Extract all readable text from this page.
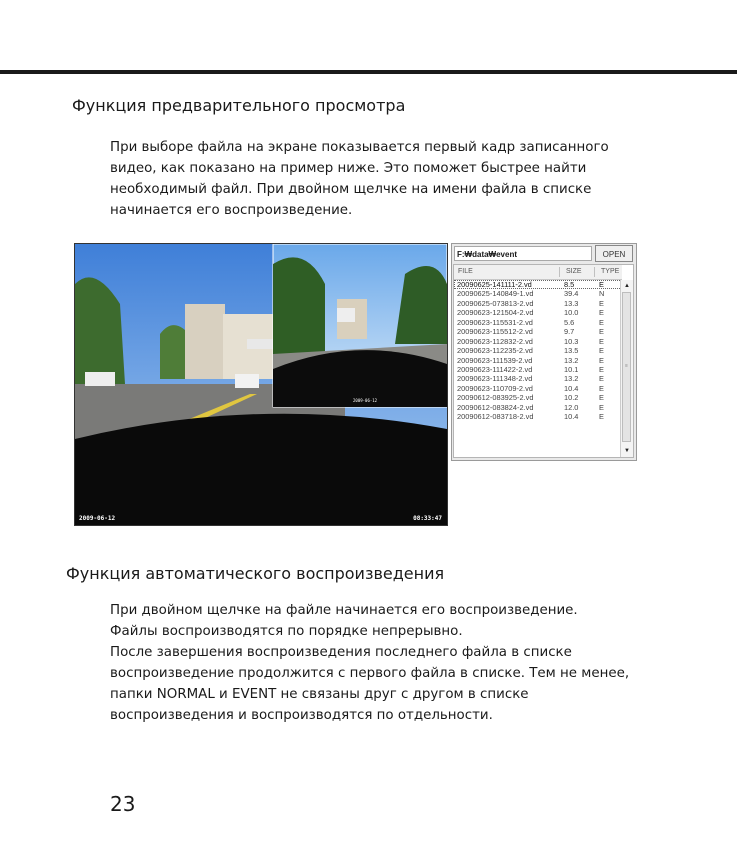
Функция предварительного просмотра
При выборе файла на экране показывается первый кадр записанного
видео, как показано на пример ниже. Это поможет быстрее найти
необходимый файл. При двойном щелчке на имени файла в списке
начинается его воспроизведение.
2009-06-12
2009-06-12	08:33:47
F:₩data₩event	OPEN
FILE	SIZE	TYPE
20090625-141111-2.vd	8.5	E
20090625-140849-1.vd	39.4	N
20090625-073813-2.vd	13.3	E
20090623-121504-2.vd	10.0	E
20090623-115531-2.vd	5.6	E
20090623-115512-2.vd	9.7	E
20090623-112832-2.vd	10.3	E
20090623-112235-2.vd	13.5	E
20090623-111539-2.vd	13.2	E
20090623-111422-2.vd	10.1	E
20090623-111348-2.vd	13.2	E
20090623-110709-2.vd	10.4	E
20090612-083925-2.vd	10.2	E
20090612-083824-2.vd	12.0	E
20090612-083718-2.vd	10.4	E
▲
≡
▼
Функция автоматического воспроизведения
При двойном щелчке на файле начинается его воспроизведение.
Файлы воспроизводятся по порядке непрерывно.
После завершения воспроизведения последнего файла в списке
воспроизведение продолжится с первого файла в списке. Тем не менее,
папки NORMAL и EVENT не связаны друг с другом в списке
воспроизведения и воспроизводятся по отдельности.
23
